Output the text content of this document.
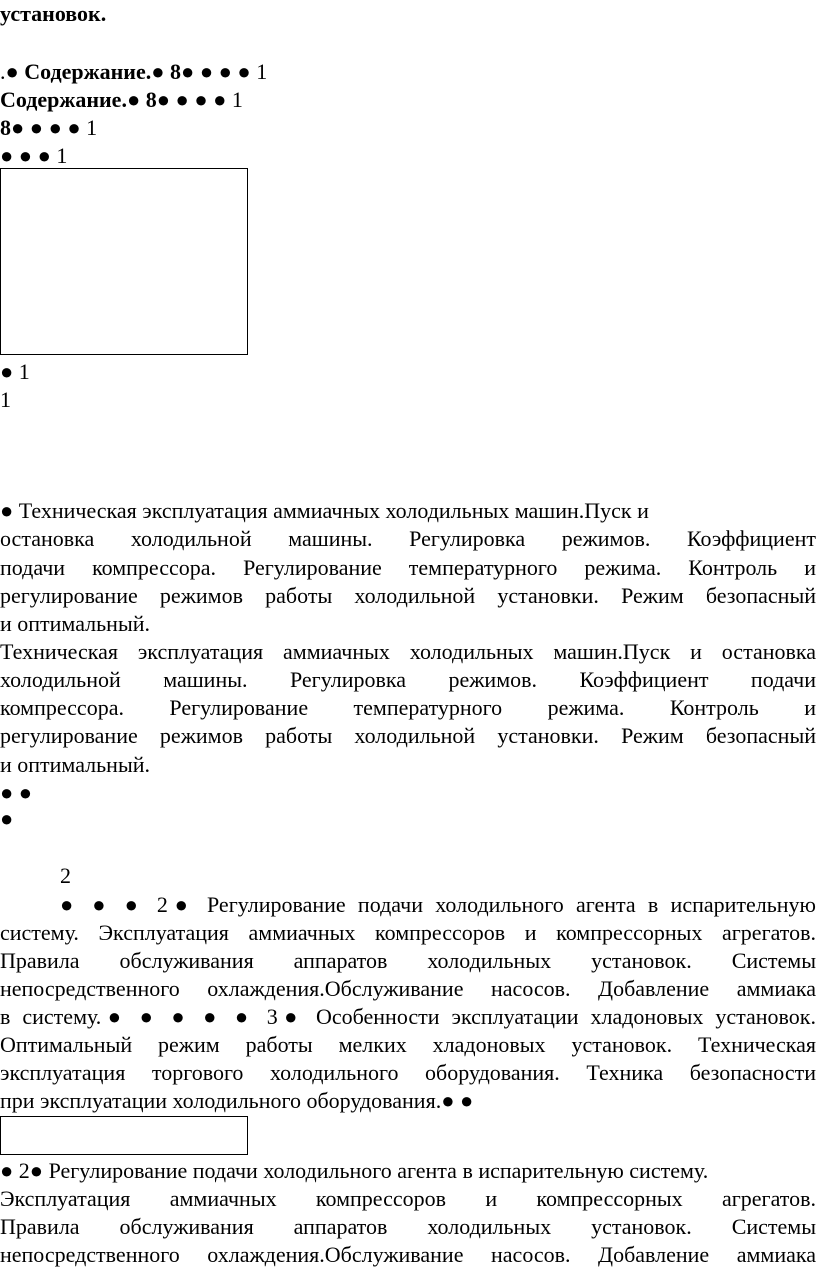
установок.
.● Содержание.● 8● ● ● ● 1
Содержание.● 8● ● ● ● 1
8● ● ● ● 1
● ● ● 1
● 1
1
● Техническая эксплуатация аммиачных холодильных машин.Пуск и
остановка холодильной машины. Регулировка режимов. Коэффициент
подачи компрессора. Регулирование температурного режима. Контроль и
регулирование режимов работы холодильной установки. Режим безопасный
и оптимальный.
Техническая эксплуатация аммиачных холодильных машин.Пуск и остановка
холодильной машины. Регулировка режимов. Коэффициент подачи
компрессора. Регулирование температурного режима. Контроль и
регулирование режимов работы холодильной установки. Режим безопасный
и оптимальный.
● ●
●
2
● ● ● 2● Регулирование подачи холодильного агента в испарительную
систему. Эксплуатация аммиачных компрессоров и компрессорных агрегатов.
Правила обслуживания аппаратов холодильных установок. Системы
непосредственного охлаждения.Обслуживание насосов. Добавление аммиака
в систему.● ● ● ● ● 3● Особенности эксплуатации хладоновых установок.
Оптимальный режим работы мелких хладоновых установок. Техническая
эксплуатация торгового холодильного оборудования. Техника безопасности
при эксплуатации холодильного оборудования.● ●
● 2● Регулирование подачи холодильного агента в испарительную систему.
Эксплуатация аммиачных компрессоров и компрессорных агрегатов.
Правила обслуживания аппаратов холодильных установок. Системы
непосредственного охлаждения.Обслуживание насосов. Добавление аммиака
